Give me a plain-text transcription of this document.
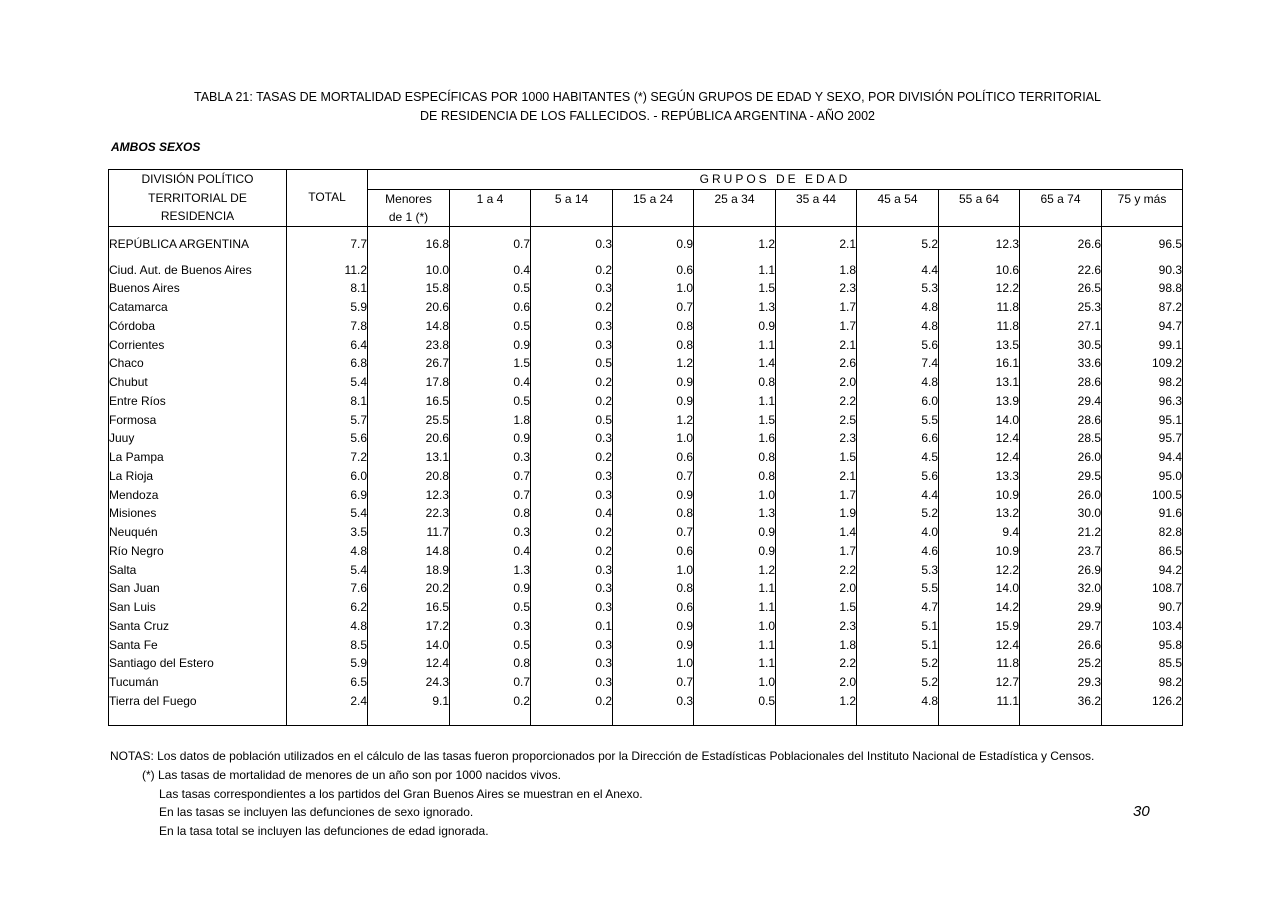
TABLA 21: TASAS DE MORTALIDAD ESPECÍFICAS POR 1000 HABITANTES (*) SEGÚN GRUPOS DE EDAD Y SEXO, POR DIVISIÓN POLÍTICO TERRITORIAL
DE RESIDENCIA DE LOS FALLECIDOS. - REPÚBLICA ARGENTINA - AÑO 2002
AMBOS SEXOS
DIVISIÓN POLÍTICO
TERRITORIAL DE
RESIDENCIA	TOTAL	GRUPOS DE EDAD									
		Menores	1 a 4	5 a 14	15 a 24	25 a 34	35 a 44	45 a 54	55 a 64	65 a 74	75 y más
		de 1 (*)									
REPÚBLICA ARGENTINA	7.7	16.8	0.7	0.3	0.9	1.2	2.1	5.2	12.3	26.6	96.5
Ciud. Aut. de Buenos Aires	11.2	10.0	0.4	0.2	0.6	1.1	1.8	4.4	10.6	22.6	90.3
Buenos Aires	8.1	15.8	0.5	0.3	1.0	1.5	2.3	5.3	12.2	26.5	98.8
Catamarca	5.9	20.6	0.6	0.2	0.7	1.3	1.7	4.8	11.8	25.3	87.2
Córdoba	7.8	14.8	0.5	0.3	0.8	0.9	1.7	4.8	11.8	27.1	94.7
Corrientes	6.4	23.8	0.9	0.3	0.8	1.1	2.1	5.6	13.5	30.5	99.1
Chaco	6.8	26.7	1.5	0.5	1.2	1.4	2.6	7.4	16.1	33.6	109.2
Chubut	5.4	17.8	0.4	0.2	0.9	0.8	2.0	4.8	13.1	28.6	98.2
Entre Ríos	8.1	16.5	0.5	0.2	0.9	1.1	2.2	6.0	13.9	29.4	96.3
Formosa	5.7	25.5	1.8	0.5	1.2	1.5	2.5	5.5	14.0	28.6	95.1
Juuy	5.6	20.6	0.9	0.3	1.0	1.6	2.3	6.6	12.4	28.5	95.7
La Pampa	7.2	13.1	0.3	0.2	0.6	0.8	1.5	4.5	12.4	26.0	94.4
La Rioja	6.0	20.8	0.7	0.3	0.7	0.8	2.1	5.6	13.3	29.5	95.0
Mendoza	6.9	12.3	0.7	0.3	0.9	1.0	1.7	4.4	10.9	26.0	100.5
Misiones	5.4	22.3	0.8	0.4	0.8	1.3	1.9	5.2	13.2	30.0	91.6
Neuquén	3.5	11.7	0.3	0.2	0.7	0.9	1.4	4.0	9.4	21.2	82.8
Río Negro	4.8	14.8	0.4	0.2	0.6	0.9	1.7	4.6	10.9	23.7	86.5
Salta	5.4	18.9	1.3	0.3	1.0	1.2	2.2	5.3	12.2	26.9	94.2
San Juan	7.6	20.2	0.9	0.3	0.8	1.1	2.0	5.5	14.0	32.0	108.7
San Luis	6.2	16.5	0.5	0.3	0.6	1.1	1.5	4.7	14.2	29.9	90.7
Santa Cruz	4.8	17.2	0.3	0.1	0.9	1.0	2.3	5.1	15.9	29.7	103.4
Santa Fe	8.5	14.0	0.5	0.3	0.9	1.1	1.8	5.1	12.4	26.6	95.8
Santiago del Estero	5.9	12.4	0.8	0.3	1.0	1.1	2.2	5.2	11.8	25.2	85.5
Tucumán	6.5	24.3	0.7	0.3	0.7	1.0	2.0	5.2	12.7	29.3	98.2
Tierra del Fuego	2.4	9.1	0.2	0.2	0.3	0.5	1.2	4.8	11.1	36.2	126.2

NOTAS: Los datos de población utilizados en el cálculo de las tasas fueron proporcionados por la Dirección de Estadísticas Poblacionales del Instituto Nacional de Estadística y Censos.
(*) Las tasas de mortalidad de menores de un año son por 1000 nacidos vivos.
Las tasas correspondientes a los partidos del Gran Buenos Aires se muestran en el Anexo.
En las tasas se incluyen las defunciones de sexo ignorado.
En la tasa total se incluyen las defunciones de edad ignorada.
30
